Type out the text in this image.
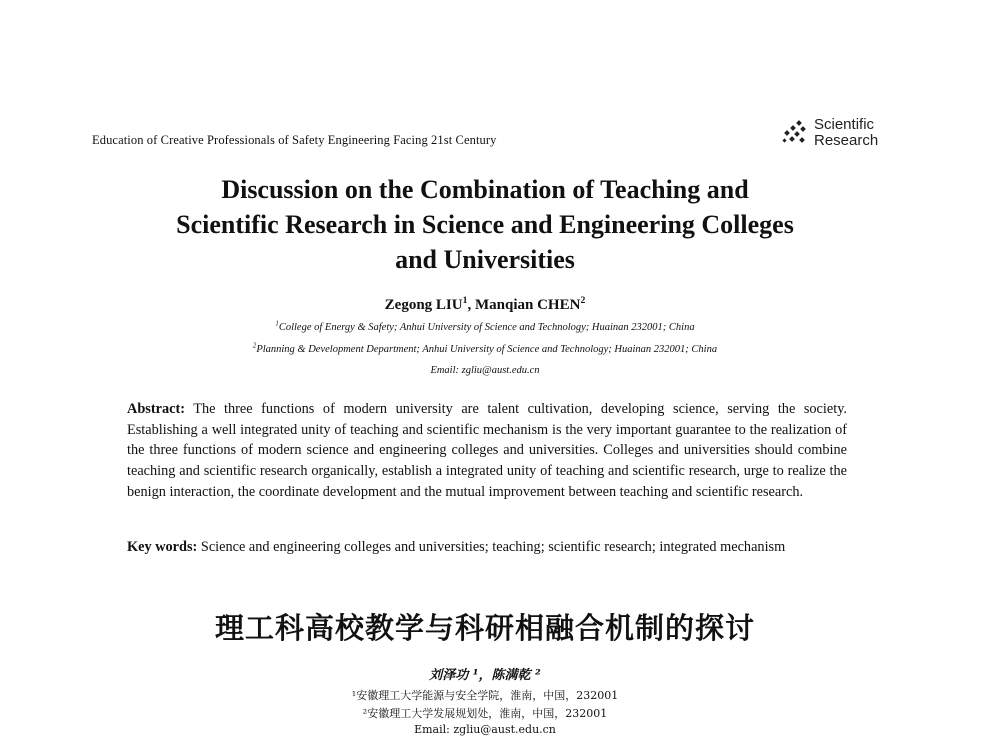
Education of Creative Professionals of Safety Engineering Facing 21st Century
Scientific
Research
Discussion on the Combination of Teaching and
Scientific Research in Science and Engineering Colleges
and Universities
Zegong LIU$^1$, Manqian CHEN$^2$
$^1$College of Energy & Safety; Anhui University of Science and Technology; Huainan 232001; China
$^2$Planning & Development Department; Anhui University of Science and Technology; Huainan 232001; China
Email: zgliu@aust.edu.cn
Abstract: The three functions of modern university are talent cultivation, developing science, serving the society. Establishing a well integrated unity of teaching and scientific mechanism is the very important guarantee to the realization of the three functions of modern science and engineering colleges and universities. Colleges and universities should combine teaching and scientific research organically, establish a integrated unity of teaching and scientific research, urge to realize the benign interaction, the coordinate development and the mutual improvement between teaching and scientific research.
Key words: Science and engineering colleges and universities; teaching; scientific research; integrated mechanism
理工科高校教学与科研相融合机制的探讨
刘泽功 ¹，陈满乾 ²
¹安徽理工大学能源与安全学院，淮南，中国，232001
²安徽理工大学发展规划处，淮南，中国，232001
Email: zgliu@aust.edu.cn
